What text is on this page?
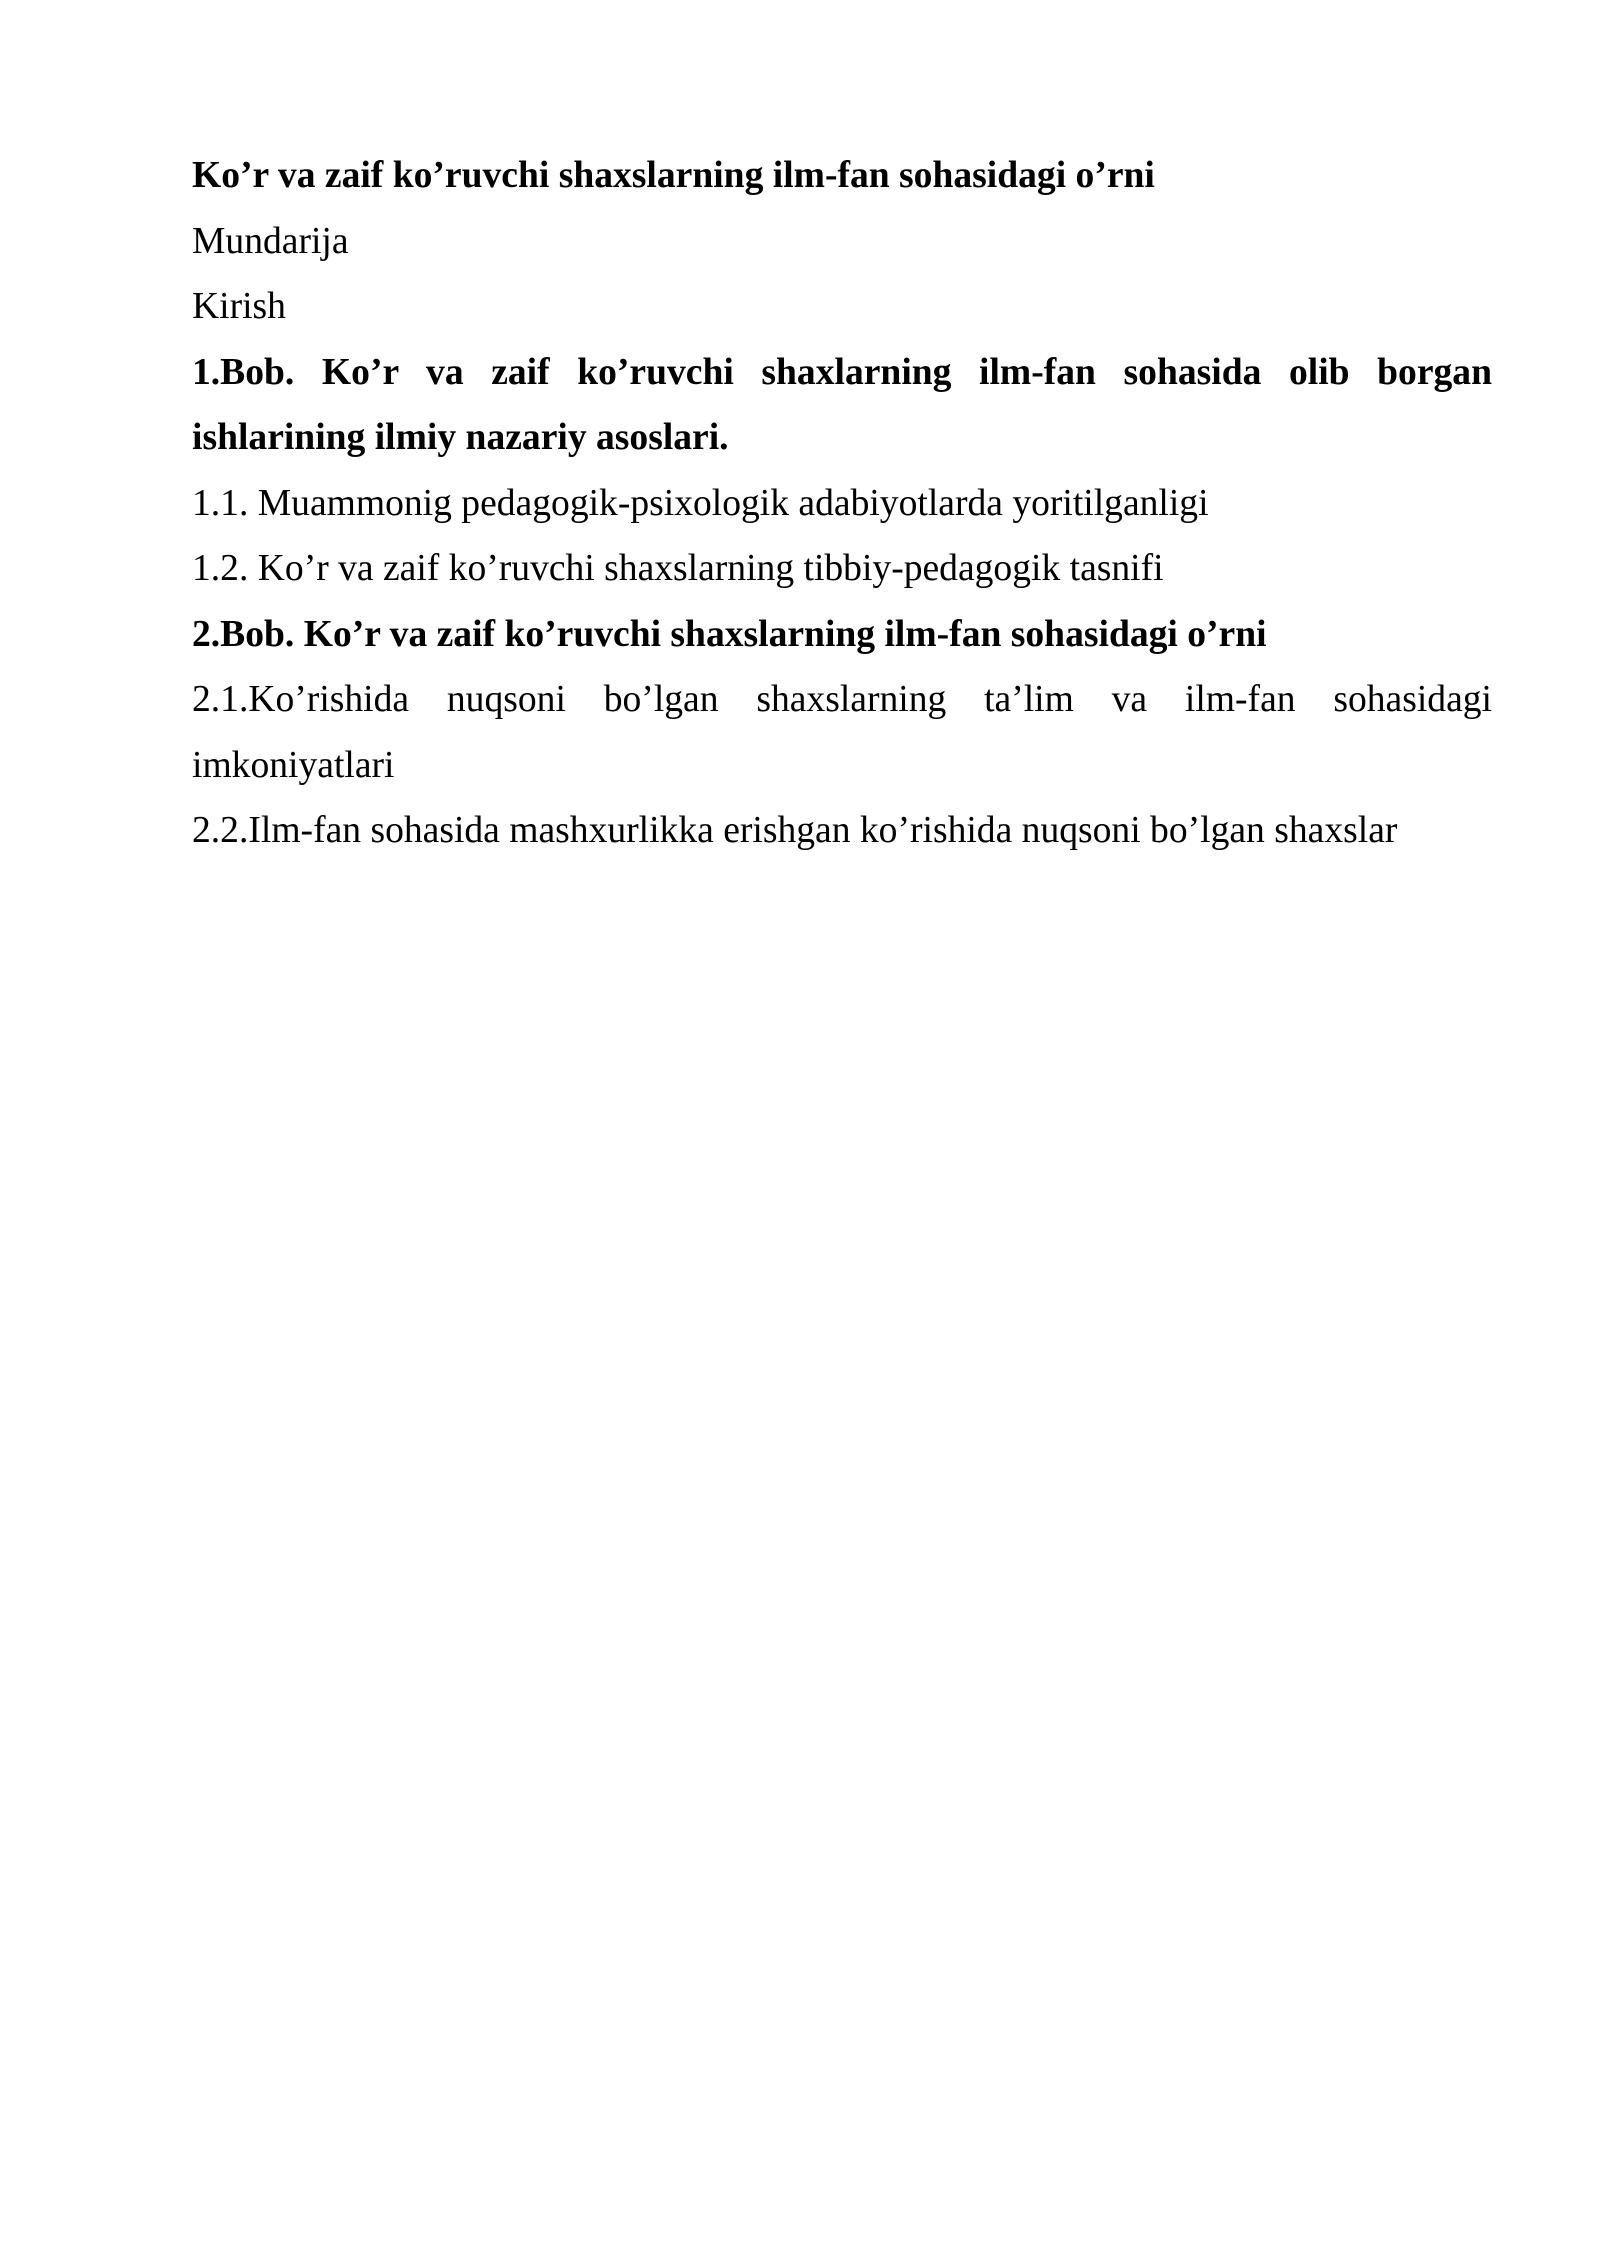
Ko’r va zaif ko’ruvchi shaxslarning ilm-fan sohasidagi o’rni

Mundarija

Kirish

1.Bob. Ko’r va zaif ko’ruvchi shaxlarning ilm-fan sohasida olib borgan ishlarining ilmiy nazariy asoslari.

1.1. Muammonig pedagogik-psixologik adabiyotlarda yoritilganligi

1.2. Ko’r va zaif ko’ruvchi shaxslarning tibbiy-pedagogik tasnifi

2.Bob. Ko’r va zaif ko’ruvchi shaxslarning ilm-fan sohasidagi o’rni

2.1.Ko’rishida nuqsoni bo’lgan shaxslarning ta’lim va ilm-fan sohasidagi imkoniyatlari

2.2.Ilm-fan sohasida mashxurlikka erishgan ko’rishida nuqsoni bo’lgan shaxslar
